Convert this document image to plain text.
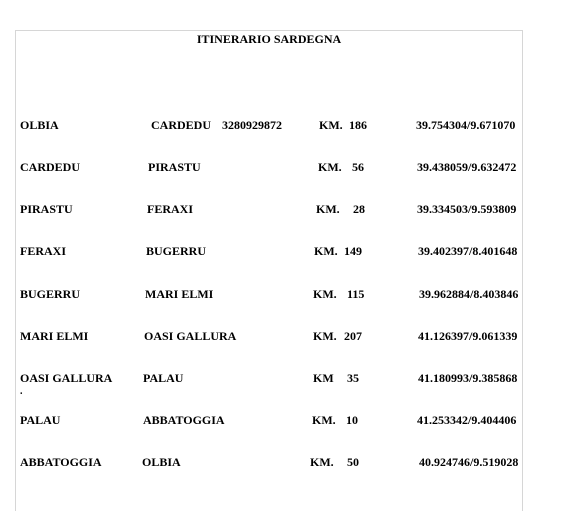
ITINERARIO SARDEGNA
OLBIA	CARDEDU 3280929872	KM. 186	39.754304/9.671070
CARDEDU	PIRASTU	KM. 56	39.438059/9.632472
PIRASTU	FERAXI	KM. 28	39.334503/9.593809
FERAXI	BUGERRU	KM. 149	39.402397/8.401648
BUGERRU	MARI ELMI	KM. 115	39.962884/8.403846
MARI ELMI	OASI GALLURA	KM. 207	41.126397/9.061339
OASI GALLURA	PALAU	KM 35	41.180993/9.385868
.
PALAU	ABBATOGGIA	KM. 10	41.253342/9.404406
ABBATOGGIA	OLBIA	KM. 50	40.924746/9.519028
